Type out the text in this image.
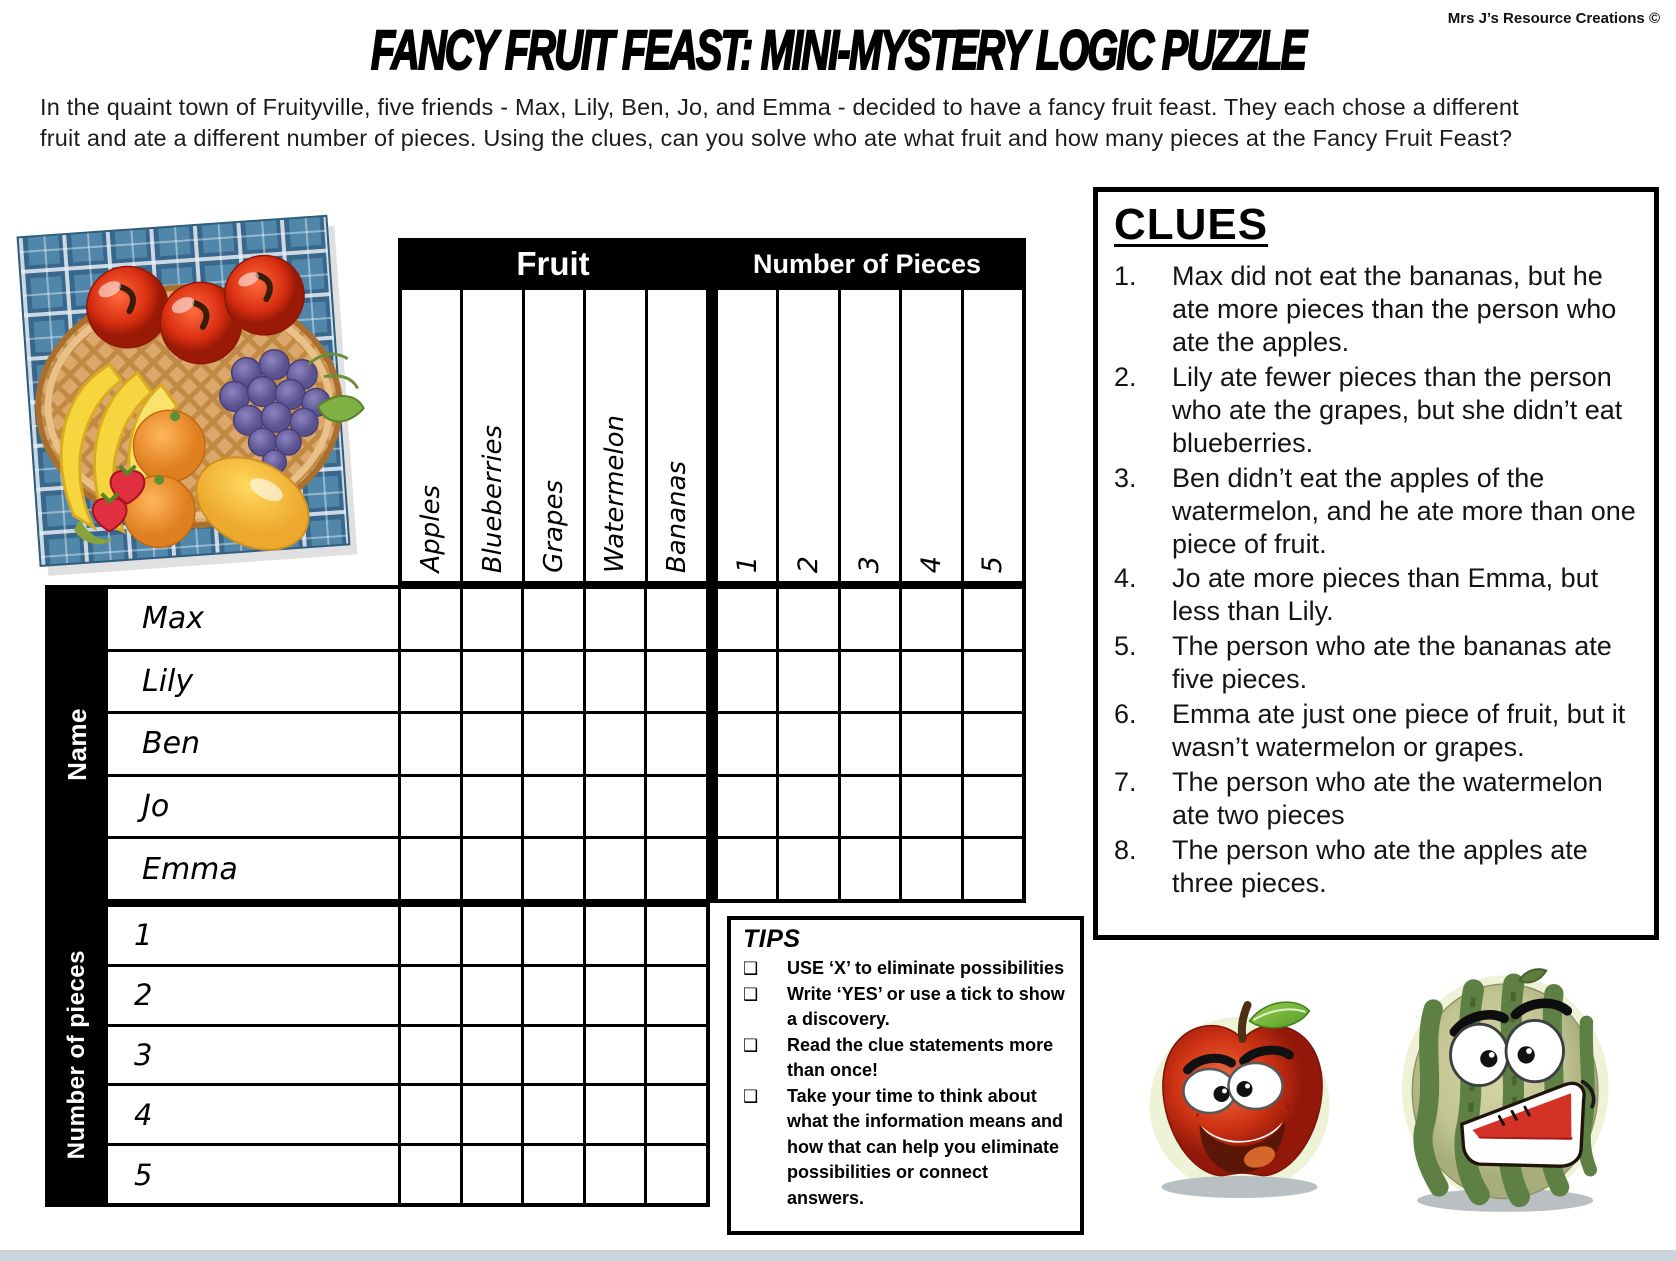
Mrs J’s Resource Creations ©
FANCY FRUIT FEAST: MINI-MYSTERY LOGIC PUZZLE

In the quaint town of Fruityville, five friends - Max, Lily, Ben, Jo, and Emma - decided to have a fancy fruit feast. They each chose a different fruit and ate a different number of pieces. Using the clues, can you solve who ate what fruit and how many pieces at the Fancy Fruit Feast?

Fruit	Number of Pieces
Apples Blueberries Grapes Watermelon Bananas 1 2 3 4 5
Name
Max
Lily
Ben
Jo
Emma
Number of pieces
1
2
3
4
5
CLUES
1.	Max did not eat the bananas, but he ate more pieces than the person who ate the apples.
2.	Lily ate fewer pieces than the person who ate the grapes, but she didn’t eat blueberries.
3.	Ben didn’t eat the apples of the watermelon, and he ate more than one piece of fruit.
4.	Jo ate more pieces than Emma, but less than Lily.
5.	The person who ate the bananas ate five pieces.
6.	Emma ate just one piece of fruit, but it wasn’t watermelon or grapes.
7.	The person who ate the watermelon ate two pieces
8.	The person who ate the apples ate three pieces.
TIPS
❑	USE ‘X’ to eliminate possibilities
❑	Write ‘YES’ or use a tick to show a discovery.
❑	Read the clue statements more than once!
❑	Take your time to think about what the information means and how that can help you eliminate possibilities or connect answers.
